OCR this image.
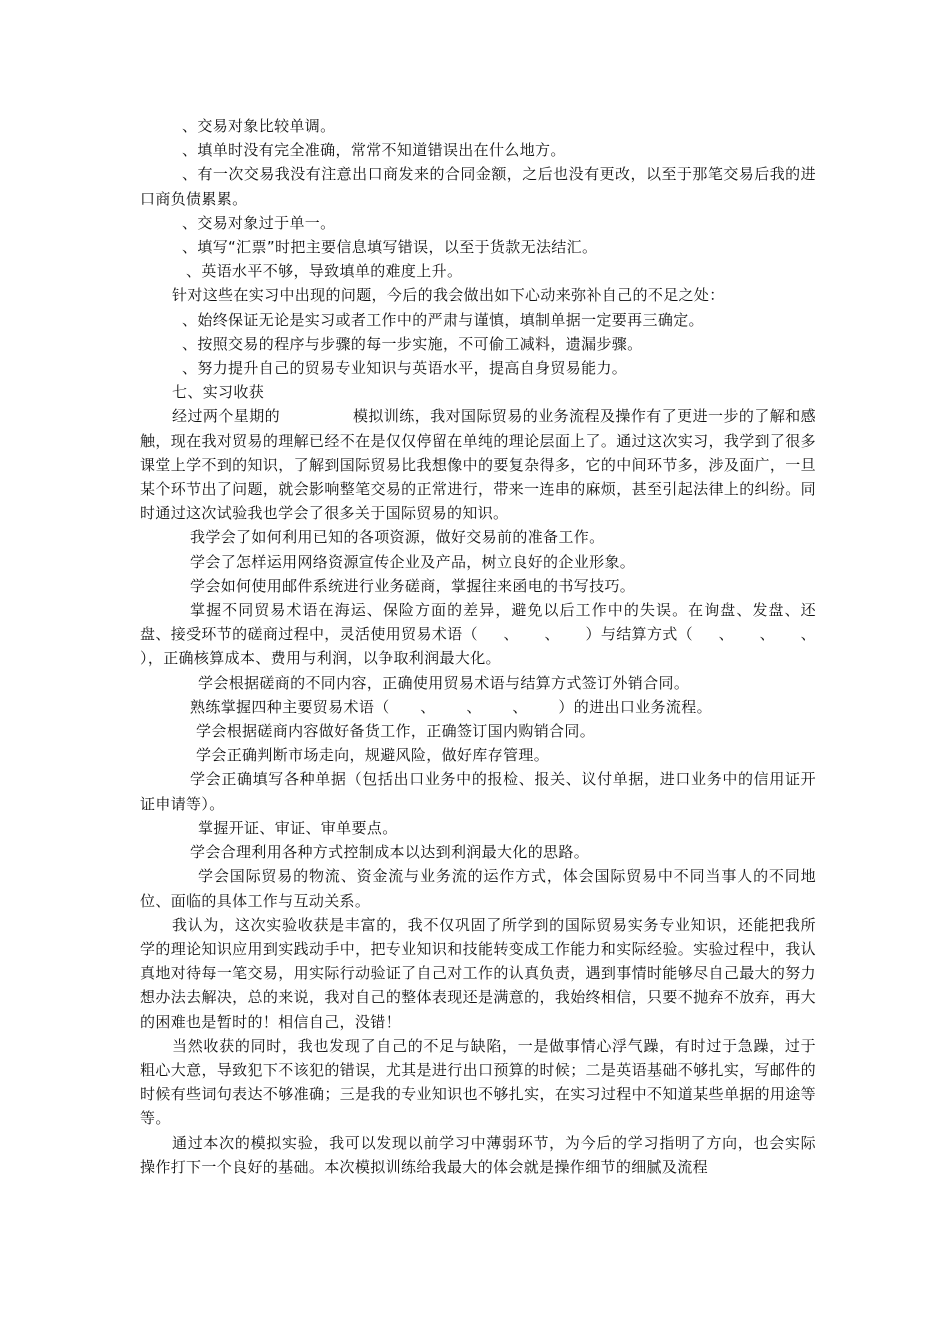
、交易对象比较单调。

、填单时没有完全准确，常常不知道错误出在什么地方。

、有一次交易我没有注意出口商发来的合同金额，之后也没有更改，以至于那笔交易后我的进口商负债累累。

、交易对象过于单一。

、填写“汇票”时把主要信息填写错误，以至于货款无法结汇。

、英语水平不够，导致填单的难度上升。

针对这些在实习中出现的问题，今后的我会做出如下心动来弥补自己的不足之处：

、始终保证无论是实习或者工作中的严肃与谨慎，填制单据一定要再三确定。

、按照交易的程序与步骤的每一步实施，不可偷工减料，遗漏步骤。

、努力提升自己的贸易专业知识与英语水平，提高自身贸易能力。

七、实习收获

经过两个星期的              模拟训练，我对国际贸易的业务流程及操作有了更进一步的了解和感触，现在我对贸易的理解已经不在是仅仅停留在单纯的理论层面上了。通过这次实习，我学到了很多课堂上学不到的知识，了解到国际贸易比我想像中的要复杂得多，它的中间环节多，涉及面广，一旦某个环节出了问题，就会影响整笔交易的正常进行，带来一连串的麻烦，甚至引起法律上的纠纷。同时通过这次试验我也学会了很多关于国际贸易的知识。

我学会了如何利用已知的各项资源，做好交易前的准备工作。

学会了怎样运用网络资源宣传企业及产品，树立良好的企业形象。

学会如何使用邮件系统进行业务磋商，掌握往来函电的书写技巧。

掌握不同贸易术语在海运、保险方面的差异，避免以后工作中的失误。在询盘、发盘、还盘、接受环节的磋商过程中，灵活使用贸易术语（     、     、     ）与结算方式（     、     、     、     ），正确核算成本、费用与利润，以争取利润最大化。

学会根据磋商的不同内容，正确使用贸易术语与结算方式签订外销合同。

熟练掌握四种主要贸易术语（      、      、      、      ）的进出口业务流程。

学会根据磋商内容做好备货工作，正确签订国内购销合同。

学会正确判断市场走向，规避风险，做好库存管理。

学会正确填写各种单据（包括出口业务中的报检、报关、议付单据，进口业务中的信用证开证申请等）。

掌握开证、审证、审单要点。

学会合理利用各种方式控制成本以达到利润最大化的思路。

学会国际贸易的物流、资金流与业务流的运作方式，体会国际贸易中不同当事人的不同地位、面临的具体工作与互动关系。

我认为，这次实验收获是丰富的，我不仅巩固了所学到的国际贸易实务专业知识，还能把我所学的理论知识应用到实践动手中，把专业知识和技能转变成工作能力和实际经验。实验过程中，我认真地对待每一笔交易，用实际行动验证了自己对工作的认真负责，遇到事情时能够尽自己最大的努力想办法去解决，总的来说，我对自己的整体表现还是满意的，我始终相信，只要不抛弃不放弃，再大的困难也是暂时的！相信自己，没错！

当然收获的同时，我也发现了自己的不足与缺陷，一是做事情心浮气躁，有时过于急躁，过于粗心大意，导致犯下不该犯的错误，尤其是进行出口预算的时候；二是英语基础不够扎实，写邮件的时候有些词句表达不够准确；三是我的专业知识也不够扎实，在实习过程中不知道某些单据的用途等等。

通过本次的模拟实验，我可以发现以前学习中薄弱环节，为今后的学习指明了方向，也会实际操作打下一个良好的基础。本次模拟训练给我最大的体会就是操作细节的细腻及流程
